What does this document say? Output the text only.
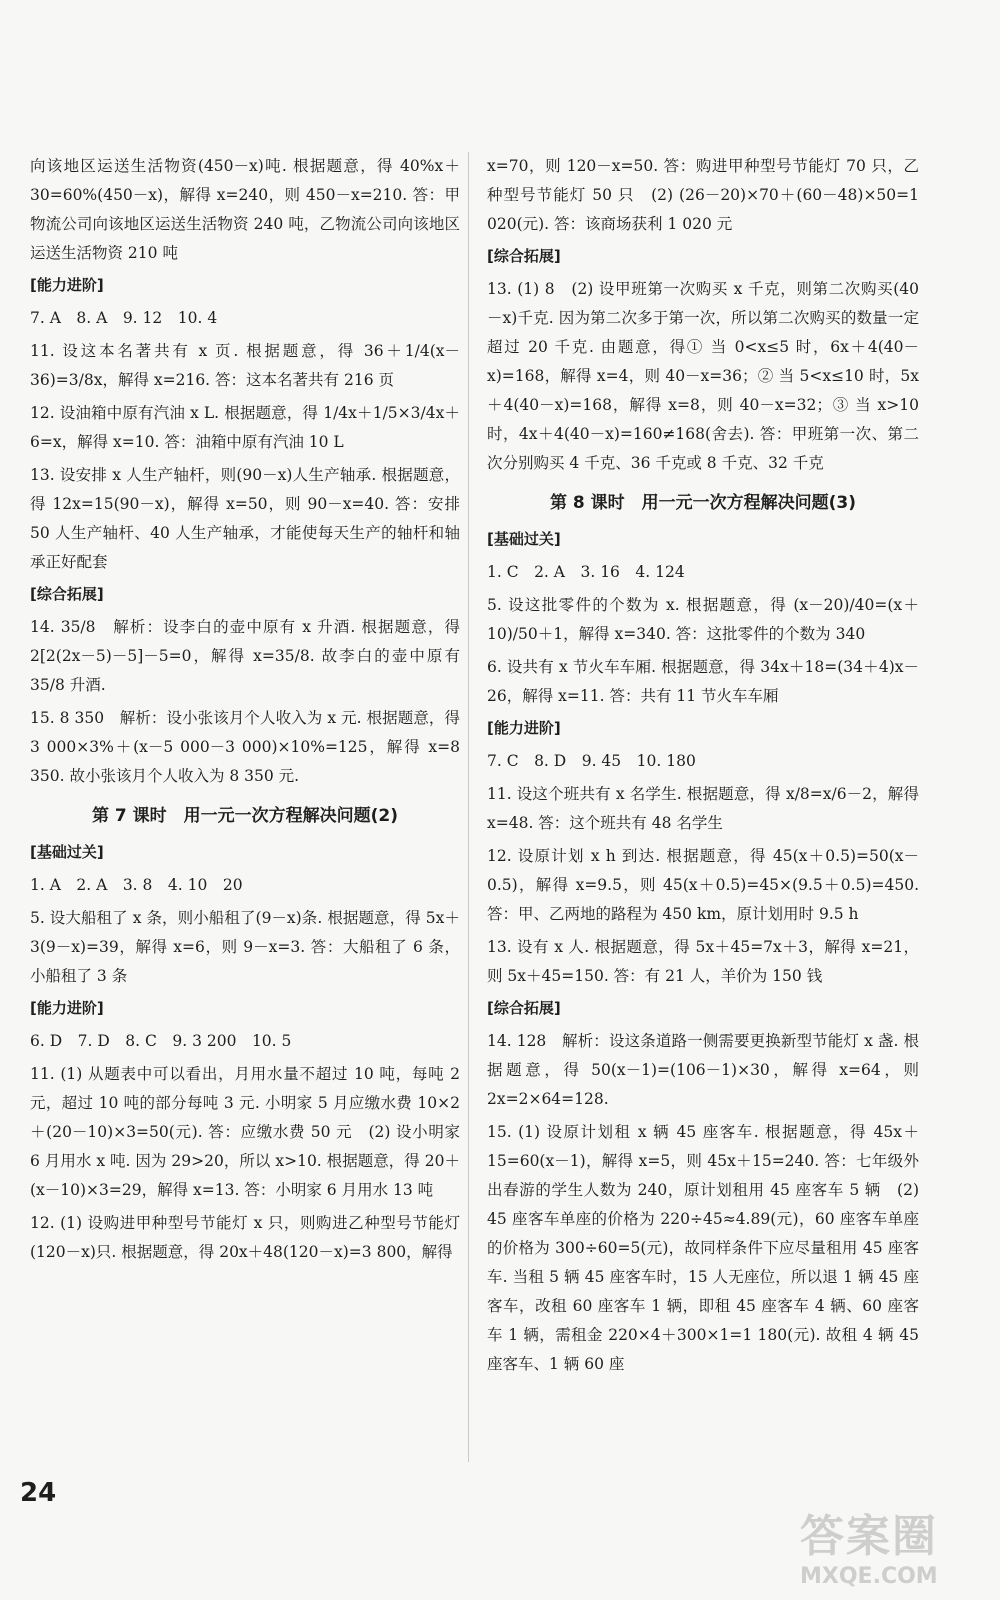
向该地区运送生活物资(450－x)吨. 根据题意，得 40%x＋30=60%(450－x)，解得 x=240，则 450－x=210. 答：甲物流公司向该地区运送生活物资 240 吨，乙物流公司向该地区运送生活物资 210 吨
[能力进阶]
7. A　8. A　9. 12　10. 4
11. 设这本名著共有 x 页. 根据题意，得 36＋1/4(x－36)=3/8x，解得 x=216. 答：这本名著共有 216 页
12. 设油箱中原有汽油 x L. 根据题意，得 1/4x＋1/5×3/4x＋6=x，解得 x=10. 答：油箱中原有汽油 10 L
13. 设安排 x 人生产轴杆，则(90－x)人生产轴承. 根据题意，得 12x=15(90－x)，解得 x=50，则 90－x=40. 答：安排 50 人生产轴杆、40 人生产轴承，才能使每天生产的轴杆和轴承正好配套
[综合拓展]
14. 35/8　解析：设李白的壶中原有 x 升酒. 根据题意，得 2[2(2x－5)－5]－5=0，解得 x=35/8. 故李白的壶中原有 35/8 升酒.
15. 8 350　解析：设小张该月个人收入为 x 元. 根据题意，得 3 000×3%＋(x－5 000－3 000)×10%=125，解得 x=8 350. 故小张该月个人收入为 8 350 元.
第 7 课时　用一元一次方程解决问题(2)
[基础过关]
1. A　2. A　3. 8　4. 10　20
5. 设大船租了 x 条，则小船租了(9－x)条. 根据题意，得 5x＋3(9－x)=39，解得 x=6，则 9－x=3. 答：大船租了 6 条，小船租了 3 条
[能力进阶]
6. D　7. D　8. C　9. 3 200　10. 5
11. (1) 从题表中可以看出，月用水量不超过 10 吨，每吨 2 元，超过 10 吨的部分每吨 3 元. 小明家 5 月应缴水费 10×2＋(20－10)×3=50(元). 答：应缴水费 50 元　(2) 设小明家 6 月用水 x 吨. 因为 29>20，所以 x>10. 根据题意，得 20＋(x－10)×3=29，解得 x=13. 答：小明家 6 月用水 13 吨
12. (1) 设购进甲种型号节能灯 x 只，则购进乙种型号节能灯(120－x)只. 根据题意，得 20x＋48(120－x)=3 800，解得
x=70，则 120－x=50. 答：购进甲种型号节能灯 70 只，乙种型号节能灯 50 只　(2) (26－20)×70＋(60－48)×50=1 020(元). 答：该商场获利 1 020 元
[综合拓展]
13. (1) 8　(2) 设甲班第一次购买 x 千克，则第二次购买(40－x)千克. 因为第二次多于第一次，所以第二次购买的数量一定超过 20 千克. 由题意，得① 当 0<x≤5 时，6x＋4(40－x)=168，解得 x=4，则 40－x=36；② 当 5<x≤10 时，5x＋4(40－x)=168，解得 x=8，则 40－x=32；③ 当 x>10 时，4x＋4(40－x)=160≠168(舍去). 答：甲班第一次、第二次分别购买 4 千克、36 千克或 8 千克、32 千克
第 8 课时　用一元一次方程解决问题(3)
[基础过关]
1. C　2. A　3. 16　4. 124
5. 设这批零件的个数为 x. 根据题意，得 (x－20)/40=(x＋10)/50＋1，解得 x=340. 答：这批零件的个数为 340
6. 设共有 x 节火车车厢. 根据题意，得 34x＋18=(34＋4)x－26，解得 x=11. 答：共有 11 节火车车厢
[能力进阶]
7. C　8. D　9. 45　10. 180
11. 设这个班共有 x 名学生. 根据题意，得 x/8=x/6－2，解得 x=48. 答：这个班共有 48 名学生
12. 设原计划 x h 到达. 根据题意，得 45(x＋0.5)=50(x－0.5)，解得 x=9.5，则 45(x＋0.5)=45×(9.5＋0.5)=450. 答：甲、乙两地的路程为 450 km，原计划用时 9.5 h
13. 设有 x 人. 根据题意，得 5x＋45=7x＋3，解得 x=21，则 5x＋45=150. 答：有 21 人，羊价为 150 钱
[综合拓展]
14. 128　解析：设这条道路一侧需要更换新型节能灯 x 盏. 根据题意，得 50(x－1)=(106－1)×30，解得 x=64，则 2x=2×64=128.
15. (1) 设原计划租 x 辆 45 座客车. 根据题意，得 45x＋15=60(x－1)，解得 x=5，则 45x＋15=240. 答：七年级外出春游的学生人数为 240，原计划租用 45 座客车 5 辆　(2) 45 座客车单座的价格为 220÷45≈4.89(元)，60 座客车单座的价格为 300÷60=5(元)，故同样条件下应尽量租用 45 座客车. 当租 5 辆 45 座客车时，15 人无座位，所以退 1 辆 45 座客车，改租 60 座客车 1 辆，即租 45 座客车 4 辆、60 座客车 1 辆，需租金 220×4＋300×1=1 180(元). 故租 4 辆 45 座客车、1 辆 60 座
24
答案圈
MXQE.COM
